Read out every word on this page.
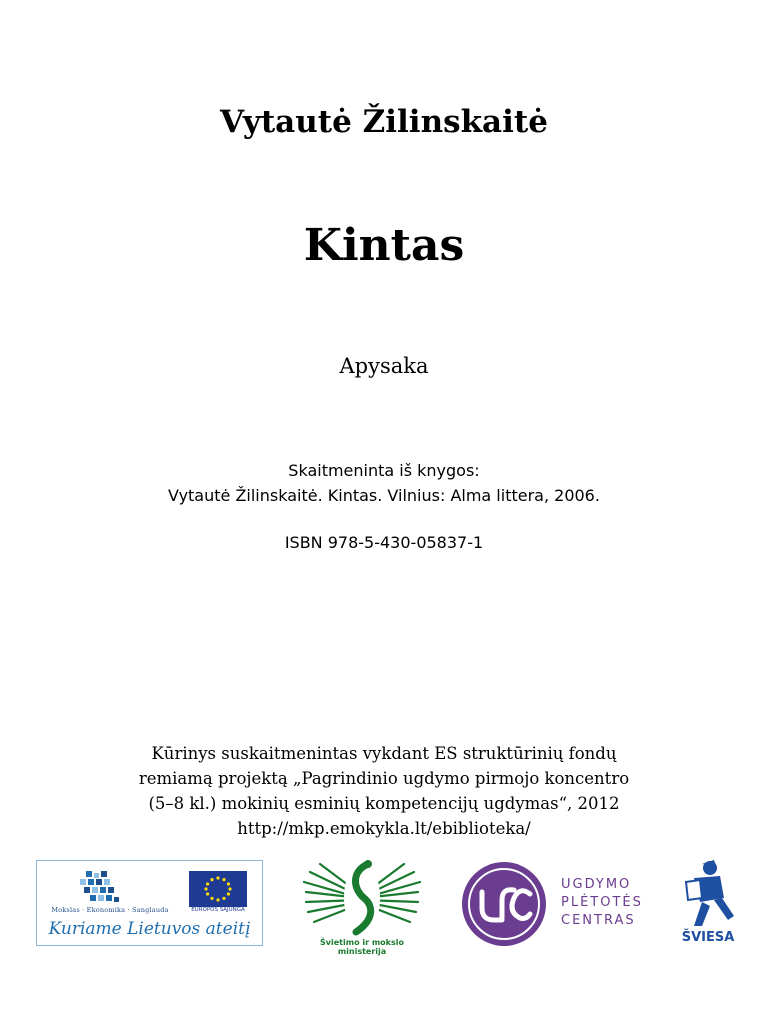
Vytautė Žilinskaitė
Kintas
Apysaka
Skaitmeninta iš knygos:
Vytautė Žilinskaitė. Kintas. Vilnius: Alma littera, 2006.
ISBN 978-5-430-05837-1
Kūrinys suskaitmenintas vykdant ES struktūrinių fondų
remiamą projektą „Pagrindinio ugdymo pirmojo koncentro
(5–8 kl.) mokinių esminių kompetencijų ugdymas“, 2012
http://mkp.emokykla.lt/ebiblioteka/
Mokslas · Ekonomika · Sanglauda	EUROPOS SĄJUNGA
Kuriame Lietuvos ateitį
Švietimo ir mokslo ministerija
UGDYMO
PLĖTOTĖS
CENTRAS
ŠVIESA
